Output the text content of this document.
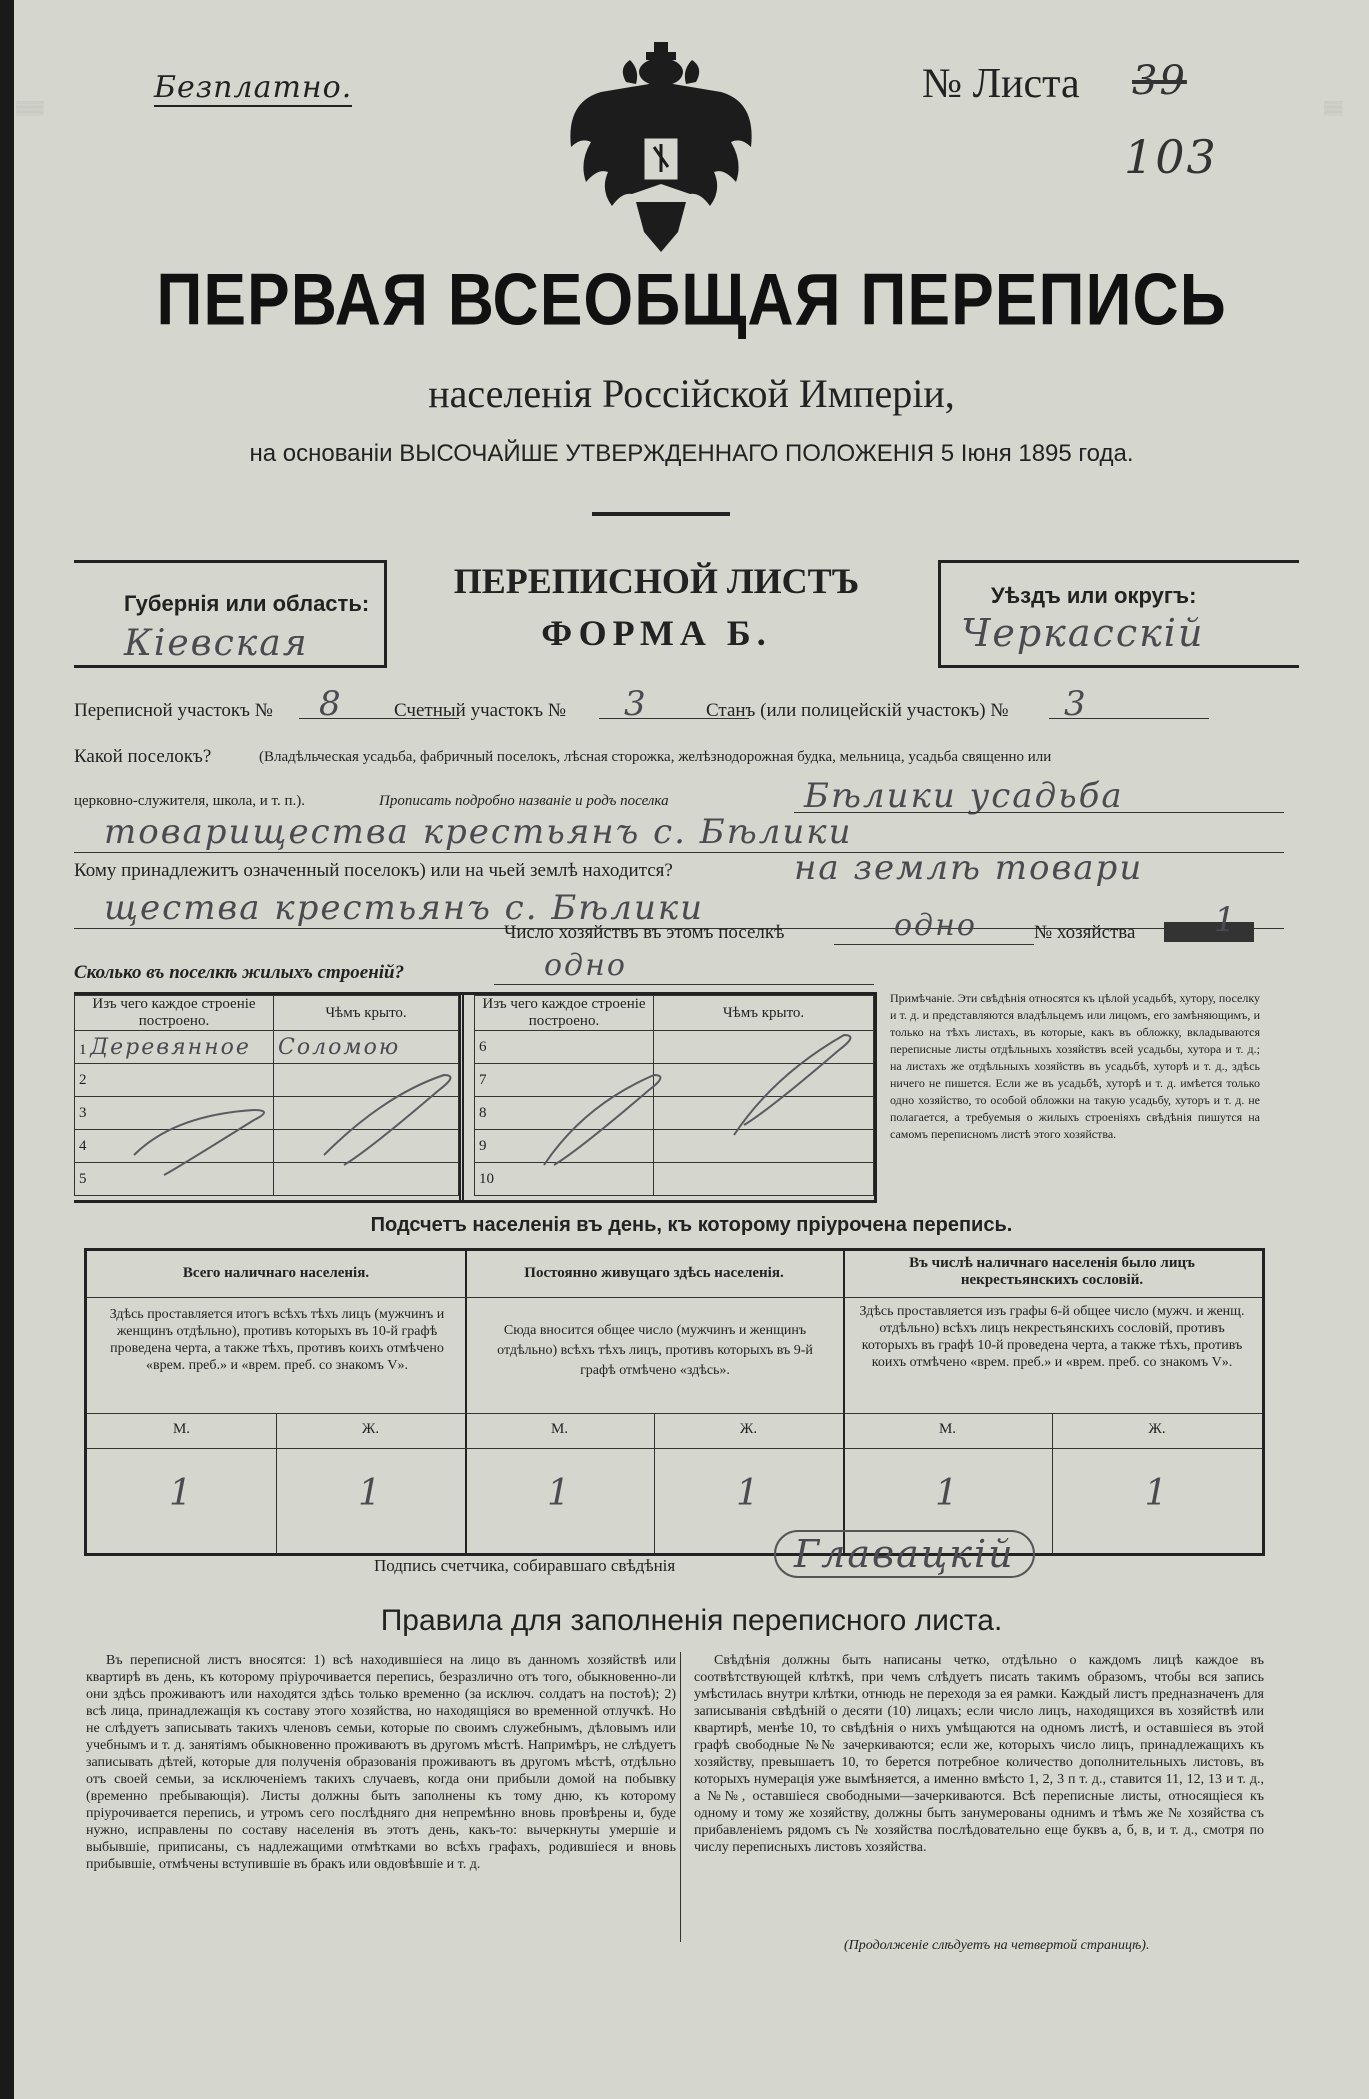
▒▒▒	▒▒
Безплатно.	№ Листа 39
103
ПЕРВАЯ ВСЕОБЩАЯ ПЕРЕПИСЬ
населенія Россійской Имперіи,
на основаніи ВЫСОЧАЙШЕ УТВЕРЖДЕННАГО ПОЛОЖЕНІЯ 5 Іюня 1895 года.
Губернія или область:
Кіевская
ПЕРЕПИСНОЙ ЛИСТЪ
ФОРМА Б.
Уѣздъ или округъ:
Черкасскій
Переписной участокъ № 8	Счетный участокъ № 3	Станъ (или полицейскій участокъ) № 3
Какой поселокъ?	(Владѣльческая усадьба, фабричный поселокъ, лѣсная сторожка, желѣзнодорожная будка, мельница, усадьба священно или
церковно-служителя, школа, и т. п.).	Прописать подробно названіе и родъ поселка	Бѣлики усадьба
товарищества крестьянъ с. Бѣлики
Кому принадлежитъ означенный поселокъ) или на чьей землѣ находится?	на землѣ товари
щества крестьянъ с. Бѣлики
Число хозяйствъ въ этомъ поселкѣ	одно	№ хозяйства 1
Сколько въ поселкѣ жилыхъ строеній?	одно
Изъ чего каждое строеніе построено.	Чѣмъ крыто.
1 Деревянное	Соломою
2	
3	
4	
5	
Изъ чего каждое строеніе построено.	Чѣмъ крыто.
6	
7	
8	
9	
10	
Примѣчаніе. Эти свѣдѣнія относятся къ цѣлой усадьбѣ, хутору, поселку и т. д. и представляются владѣльцемъ или лицомъ, его замѣняющимъ, и только на тѣхъ листахъ, въ которые, какъ въ обложку, вкладываются переписные листы отдѣльныхъ хозяйствъ всей усадьбы, хутора и т. д.; на листахъ же отдѣльныхъ хозяйствъ въ усадьбѣ, хуторѣ и т. д., здѣсь ничего не пишется. Если же въ усадьбѣ, хуторѣ и т. д. имѣется только одно хозяйство, то особой обложки на такую усадьбу, хуторъ и т. д. не полагается, а требуемыя о жилыхъ строеніяхъ свѣдѣнія пишутся на самомъ переписномъ листѣ этого хозяйства.
Подсчетъ населенія въ день, къ которому пріурочена перепись.
Всего наличнаго населенія.	Постоянно живущаго здѣсь населенія.
Въ числѣ наличнаго населенія было лицъ некрестьянскихъ сословій.
Здѣсь проставляется итогъ всѣхъ тѣхъ лицъ (мужчинъ и женщинъ отдѣльно), противъ которыхъ въ 10-й графѣ проведена черта, а также тѣхъ, противъ коихъ отмѣчено «врем. преб.» и «врем. преб. со знакомъ V».
Сюда вносится общее число (мужчинъ и женщинъ отдѣльно) всѣхъ тѣхъ лицъ, противъ которыхъ въ 9-й графѣ отмѣчено «здѣсь».
Здѣсь проставляется изъ графы 6-й общее число (мужч. и женщ. отдѣльно) всѣхъ лицъ некрестьянскихъ сословій, противъ которыхъ въ графѣ 10-й проведена черта, а также тѣхъ, противъ коихъ отмѣчено «врем. преб.» и «врем. преб. со знакомъ V».
М.	Ж.	М.	Ж.	М.	Ж.
1	1	1	1	1	1
Подпись счетчика, собиравшаго свѣдѣнія	Главацкій
Правила для заполненія переписного листа.
Въ переписной листъ вносятся: 1) всѣ находившіеся на лицо въ данномъ хозяйствѣ или квартирѣ въ день, къ которому пріурочивается перепись, безразлично отъ того, обыкновенно-ли они здѣсь проживаютъ или находятся здѣсь только временно (за исключ. солдатъ на постоѣ); 2) всѣ лица, принадлежащія къ составу этого хозяйства, но находящіяся во временной отлучкѣ. Но не слѣдуетъ записывать такихъ членовъ семьи, которые по своимъ служебнымъ, дѣловымъ или учебнымъ и т. д. занятіямъ обыкновенно проживаютъ въ другомъ мѣстѣ. Напримѣръ, не слѣдуетъ записывать дѣтей, которые для полученія образованія проживаютъ въ другомъ мѣстѣ, отдѣльно отъ своей семьи, за исключеніемъ такихъ случаевъ, когда они прибыли домой на побывку (временно пребывающія). Листы должны быть заполнены къ тому дню, къ которому пріурочивается перепись, и утромъ сего послѣдняго дня непремѣнно вновь провѣрены и, буде нужно, исправлены по составу населенія въ этотъ день, какъ-то: вычеркнуты умершіе и выбывшіе, приписаны, съ надлежащими отмѣтками во всѣхъ графахъ, родившіеся и вновь прибывшіе, отмѣчены вступившіе въ бракъ или овдовѣвшіе и т. д.
Свѣдѣнія должны быть написаны четко, отдѣльно о каждомъ лицѣ каждое въ соотвѣтствующей клѣткѣ, при чемъ слѣдуетъ писать такимъ образомъ, чтобы вся запись умѣстилась внутри клѣтки, отнюдь не переходя за ея рамки. Каждый листъ предназначенъ для записыванія свѣдѣній о десяти (10) лицахъ; если число лицъ, находящихся въ хозяйствѣ или квартирѣ, менѣе 10, то свѣдѣнія о нихъ умѣщаются на одномъ листѣ, и оставшіеся въ этой графѣ свободные №№ зачеркиваются; если же, которыхъ число лицъ, принадлежащихъ къ хозяйству, превышаетъ 10, то берется потребное количество дополнительныхъ листовъ, въ которыхъ нумерація уже вымѣняется, а именно вмѣсто 1, 2, 3 п т. д., ставится 11, 12, 13 и т. д., а №№, оставшіеся свободными—зачеркиваются. Всѣ переписные листы, относящіеся къ одному и тому же хозяйству, должны быть занумерованы однимъ и тѣмъ же № хозяйства съ прибавленіемъ рядомъ съ № хозяйства послѣдовательно еще буквъ а, б, в, и т. д., смотря по числу переписныхъ листовъ хозяйства.
(Продолженіе слѣдуетъ на четвертой страницѣ).
